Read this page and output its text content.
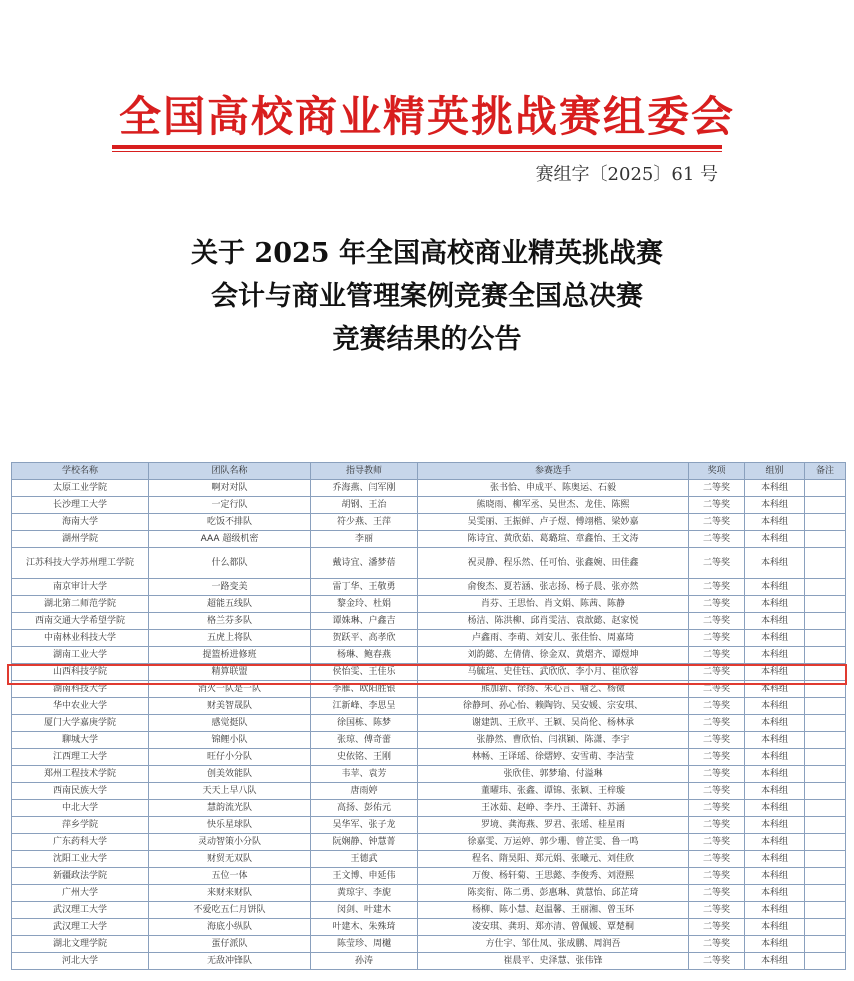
全国高校商业精英挑战赛组委会
赛组字〔2025〕61 号
关于 2025 年全国高校商业精英挑战赛
会计与商业管理案例竞赛全国总决赛
竞赛结果的公告
学校名称	团队名称	指导教师	参赛选手	奖项	组别	备注
太原工业学院	啊对对队	乔海燕、闫军刚	张书恰、申成平、陈奥运、石毅	二等奖	本科组	
长沙理工大学	一定行队	胡钢、王治	熊晓雨、柳军丞、吴世杰、龙佳、陈熙	二等奖	本科组	
海南大学	吃饭不排队	符少燕、王萍	吴雯丽、王振鲜、卢子煜、傅翊楷、梁妙嘉	二等奖	本科组	
湖州学院	AAA 超级机密	李丽	陈诗宜、黄欣茹、葛璐瑄、章鑫怡、王文涛	二等奖	本科组	
江苏科技大学苏州理工学院	什么都队	戴诗宜、潘梦蓓	祝灵静、程乐然、任可怡、张鑫婉、田佳鑫	二等奖	本科组	
南京审计大学	一路变美	雷丁华、王敬勇	俞俊杰、夏若涵、张志扬、杨子晨、张亦然	二等奖	本科组	
湖北第二师范学院	超能五线队	黎金玲、杜娟	肖芬、王思怡、肖文娟、陈茜、陈静	二等奖	本科组	
西南交通大学希望学院	格兰芬多队	谭姝琳、户鑫吉	杨洁、陈洪柳、邱肖雯洁、袁歆懿、赵家悦	二等奖	本科组	
中南林业科技大学	五虎上将队	贺跃平、高孝欣	卢鑫雨、李萌、刘安儿、张佳怡、周嘉琦	二等奖	本科组	
湖南工业大学	提篮桥进修班	杨琳、鲍春燕	刘韵懿、左倩倩、徐金双、黄熠齐、谭煜坤	二等奖	本科组	
山西科技学院	精算联盟	侯怡雯、王佳乐	马毓瑄、史佳钰、武欣欣、李小月、崔欣蓉	二等奖	本科组	
湖南科技大学	消火一队是一队	李雁、欧阳胜银	熊加新、徐扬、朱心言、喻艺、杨微	二等奖	本科组	
华中农业大学	财美智晟队	江新峰、李思呈	徐静珂、孙心怡、赖陶钧、吴安媛、宗安琪、	二等奖	本科组	
厦门大学嘉庚学院	感觉挺队	徐国栋、陈梦	谢建凯、王欣平、王颖、吴尚伦、杨林承	二等奖	本科组	
聊城大学	锦鲤小队	张琼、傅奇蕾	张静然、曹欣怡、闫祺颖、陈潇、李宇	二等奖	本科组	
江西理工大学	旺仔小分队	史依铭、王刚	林畅、王译瑶、徐熠婷、安雪萌、李洁莹	二等奖	本科组	
郑州工程技术学院	创美效能队	韦苹、袁芳	张欣佳、郭梦瑜、付溢琳	二等奖	本科组	
西南民族大学	天天上早八队	唐雨婷	董曜玮、张鑫、谭锦、张颖、王梓璇	二等奖	本科组	
中北大学	慧韵流光队	高扬、彭佑元	王冰茹、赵峥、李丹、王潇轩、苏涵	二等奖	本科组	
萍乡学院	快乐星球队	吴华军、张子龙	罗境、龚海燕、罗君、张瑶、桂星雨	二等奖	本科组	
广东药科大学	灵动智策小分队	阮娴静、钟慧菁	徐嘉雯、万运婷、郭少珊、曾芷雯、鲁一鸣	二等奖	本科组	
沈阳工业大学	财贸无双队	王德武	程名、隋昊阳、郑元娟、张曦元、刘佳欣	二等奖	本科组	
新疆政法学院	五位一体	王文博、申延伟	万俊、杨轩菊、王思懿、李俊秀、刘澄熙	二等奖	本科组	
广州大学	来财来财队	黄琼宇、李旎	陈奕衔、陈二勇、彭惠琳、黄慧怡、邱芷琦	二等奖	本科组	
武汉理工大学	不爱吃五仁月饼队	闵剑、叶建木	杨柳、陈小慧、赵温馨、王丽湘、曾玉环	二等奖	本科组	
武汉理工大学	海底小纵队	叶建木、朱殊琦	凌安琪、龚玥、郑亦清、曾佩媛、覃楚桐	二等奖	本科组	
湖北文理学院	蛋仔派队	陈莹珍、周樾	方仕宇、邹仕凤、张成鹏、周润吾	二等奖	本科组	
河北大学	无敌冲锋队	孙涛	崔晨平、史泽慧、张伟锋	二等奖	本科组	
